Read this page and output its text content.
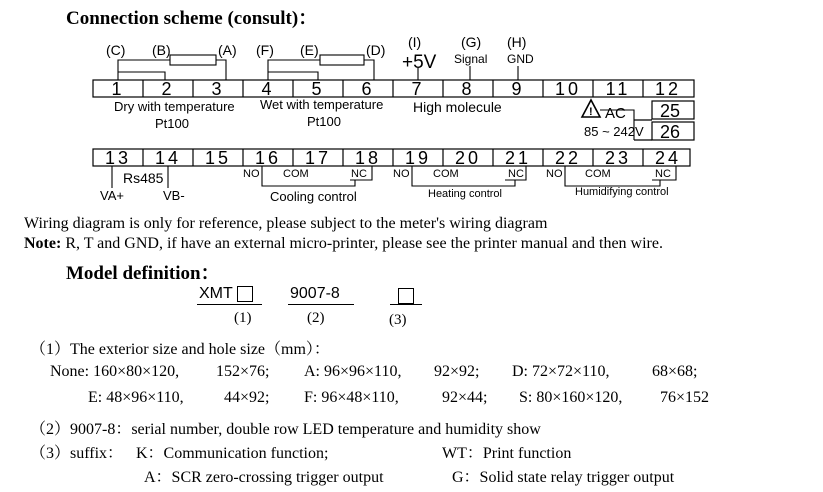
Connection scheme (consult)：
1 2 3 4 5 6 7 8 9 10 11 12
13 14 15 16 17 18 19 20 21 22 23 24
25
26
(C) (B)	(A) (F) (E)	(D) (I)	(G) (H)
+5V Signal GND
Dry with temperature
Pt100
Wet with temperature
Pt100
High molecule	! AC
85 ~ 242V
Rs485
VA+	VB-
NO COM	NC NO COM	NC NO COM	NC
Cooling control	Heating control	Humidifying control
Wiring diagram is only for reference, please subject to the meter's wiring diagram
Note: R, T and GND, if have an external micro-printer, please see the printer manual and then wire.
Model definition：
XMT
(1)
9007-8
(2)	(3)
（1）The exterior size and hole size（mm）：
None: 160×80×120, 152×76; A: 96×96×110, 92×92; D: 72×72×110,	68×68;
E: 48×96×110,	44×92; F: 96×48×110,	92×44; S: 80×160×120, 76×152
（2）9007-8：serial number, double row LED temperature and humidity show
（3）suffix： K：Communication function;	WT：Print function
A：SCR zero-crossing trigger output	G：Solid state relay trigger output
